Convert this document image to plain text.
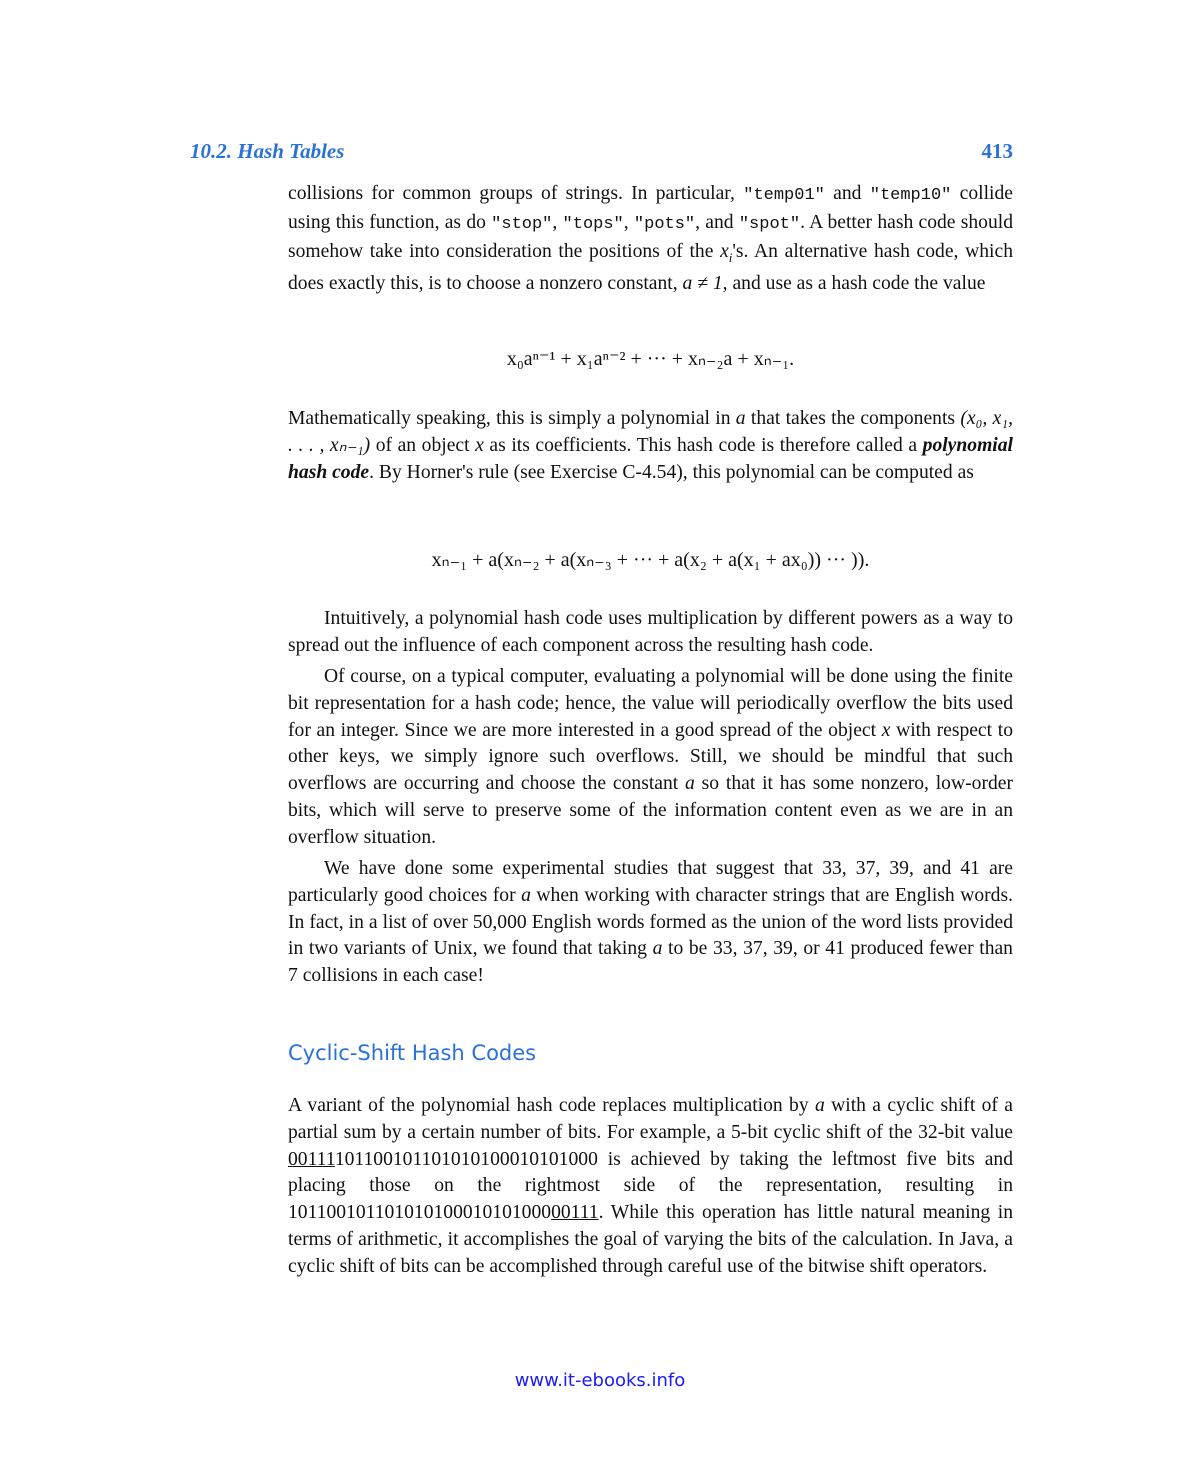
10.2. Hash Tables	413

collisions for common groups of strings. In particular, "temp01" and "temp10" collide using this function, as do "stop", "tops", "pots", and "spot". A better hash code should somehow take into consideration the positions of the $x_i's$. An alternative hash code, which does exactly this, is to choose a nonzero constant, a ≠ 1, and use as a hash code the value

x₀aⁿ⁻¹ + x₁aⁿ⁻² + ··· + xₙ₋₂a + xₙ₋₁.

Mathematically speaking, this is simply a polynomial in a that takes the components (x₀, x₁, . . . , xₙ₋₁) of an object x as its coefficients. This hash code is therefore called a polynomial hash code. By Horner's rule (see Exercise C-4.54), this polynomial can be computed as

xₙ₋₁ + a(xₙ₋₂ + a(xₙ₋₃ + ··· + a(x₂ + a(x₁ + ax₀)) ··· )).

Intuitively, a polynomial hash code uses multiplication by different powers as a way to spread out the influence of each component across the resulting hash code.

Of course, on a typical computer, evaluating a polynomial will be done using the finite bit representation for a hash code; hence, the value will periodically overflow the bits used for an integer. Since we are more interested in a good spread of the object x with respect to other keys, we simply ignore such overflows. Still, we should be mindful that such overflows are occurring and choose the constant a so that it has some nonzero, low-order bits, which will serve to preserve some of the information content even as we are in an overflow situation.

We have done some experimental studies that suggest that 33, 37, 39, and 41 are particularly good choices for a when working with character strings that are English words. In fact, in a list of over 50,000 English words formed as the union of the word lists provided in two variants of Unix, we found that taking a to be 33, 37, 39, or 41 produced fewer than 7 collisions in each case!

Cyclic-Shift Hash Codes

A variant of the polynomial hash code replaces multiplication by a with a cyclic shift of a partial sum by a certain number of bits. For example, a 5-bit cyclic shift of the 32-bit value 00111101100101101010100010101000 is achieved by taking the leftmost five bits and placing those on the rightmost side of the representation, resulting in 10110010110101010001010100000111. While this operation has little natural meaning in terms of arithmetic, it accomplishes the goal of varying the bits of the calculation. In Java, a cyclic shift of bits can be accomplished through careful use of the bitwise shift operators.

www.it-ebooks.info
